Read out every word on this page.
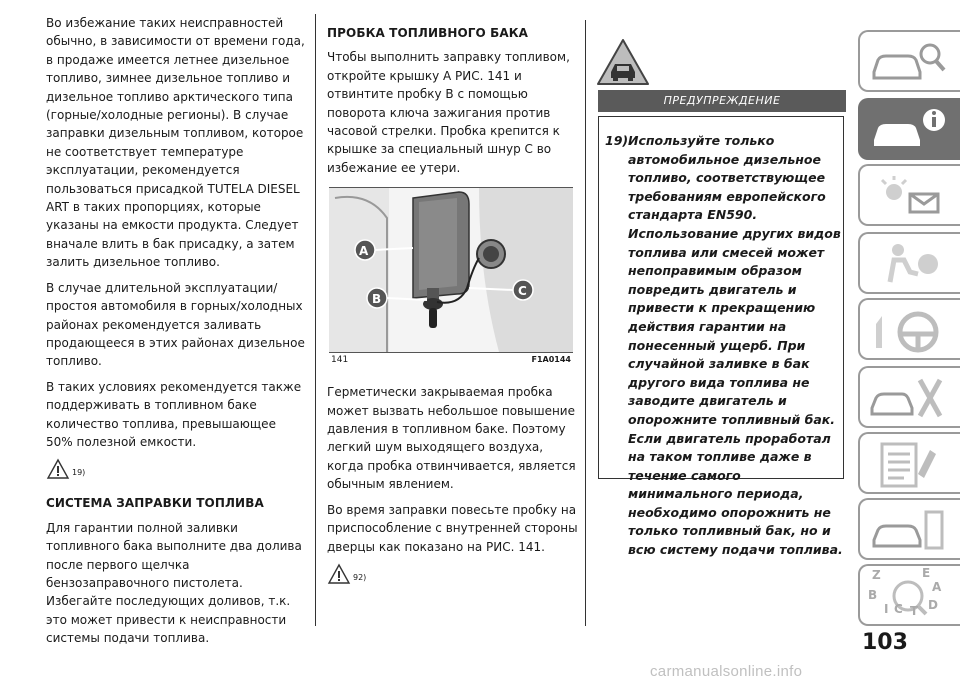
Во избежание таких неисправностей обычно, в зависимости от времени года, в продаже имеется летнее дизельное топливо, зимнее дизельное топливо и дизельное топливо арктического типа (горные/холодные регионы). В случае заправки дизельным топливом, которое не соответствует температуре эксплуатации, рекомендуется пользоваться присадкой TUTELA DIESEL ART в таких пропорциях, которые указаны на емкости продукта. Следует вначале влить в бак присадку, а затем залить дизельное топливо.

В случае длительной эксплуатации/простоя автомобиля в горных/холодных районах рекомендуется заливать продающееся в этих районах дизельное топливо.

В таких условиях рекомендуется также поддерживать в топливном баке количество топлива, превышающее 50% полезной емкости.

19)
СИСТЕМА ЗАПРАВКИ ТОПЛИВА

Для гарантии полной заливки топливного бака выполните два долива после первого щелчка бензозаправочного пистолета. Избегайте последующих доливов, т.к. это может привести к неисправности системы подачи топлива.

ПРОБКА ТОПЛИВНОГО БАКА

Чтобы выполнить заправку топливом, откройте крышку A РИС. 141 и отвинтите пробку B с помощью поворота ключа зажигания против часовой стрелки. Пробка крепится к крышке за специальный шнур C во избежание ее утери.

A
B
C
141	F1A0144

Герметически закрываемая пробка может вызвать небольшое повышение давления в топливном баке. Поэтому легкий шум выходящего воздуха, когда пробка отвинчивается, является обычным явлением.

Во время заправки повесьте пробку на приспособление с внутренней стороны дверцы как показано на РИС. 141.

92)
ПРЕДУПРЕЖДЕНИЕ
19) Используйте только автомобильное дизельное топливо, соответствующее требованиям европейского стандарта EN590. Использование других видов топлива или смесей может непоправимым образом повредить двигатель и привести к прекращению действия гарантии на понесенный ущерб. При случайной заливке в бак другого вида топлива не заводите двигатель и опорожните топливный бак. Если двигатель проработал на таком топливе даже в течение самого минимального периода, необходимо опорожнить не только топливный бак, но и всю систему подачи топлива.
Z	E
B
A
I C T D
103
carmanualsonline.info
